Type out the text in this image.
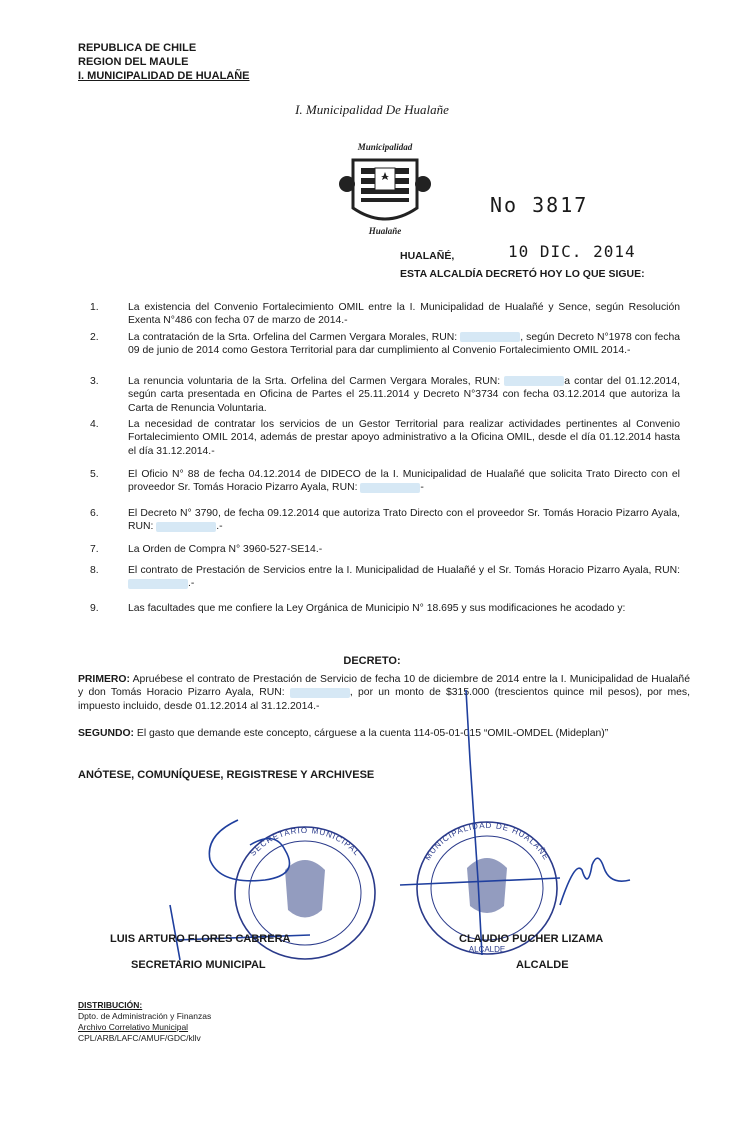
REPUBLICA DE CHILE
REGION DEL MAULE
I. MUNICIPALIDAD DE HUALAÑE
I. Municipalidad De Hualañe
Municipalidad
Hualañe
No 3817
HUALAÑÉ,	10 DIC. 2014
ESTA ALCALDÍA DECRETÓ HOY LO QUE SIGUE:
1.	La existencia del Convenio Fortalecimiento OMIL entre la I. Municipalidad de Hualañé y Sence, según Resolución Exenta N°486 con fecha 07 de marzo de 2014.-
2.	La contratación de la Srta. Orfelina del Carmen Vergara Morales, RUN:	, según Decreto N°1978 con fecha 09 de junio de 2014 como Gestora Territorial para dar cumplimiento al Convenio Fortalecimiento OMIL 2014.-
3.	La renuncia voluntaria de la Srta. Orfelina del Carmen Vergara Morales, RUN:	a contar del 01.12.2014, según carta presentada en Oficina de Partes el 25.11.2014 y Decreto N°3734 con fecha 03.12.2014 que autoriza la Carta de Renuncia Voluntaria.
4.	La necesidad de contratar los servicios de un Gestor Territorial para realizar actividades pertinentes al Convenio Fortalecimiento OMIL 2014, además de prestar apoyo administrativo a la Oficina OMIL, desde el día 01.12.2014 hasta el día 31.12.2014.-
5.	El Oficio N° 88 de fecha 04.12.2014 de DIDECO de la I. Municipalidad de Hualañé que solicita Trato Directo con el proveedor Sr. Tomás Horacio Pizarro Ayala, RUN:	-
6.	El Decreto N° 3790, de fecha 09.12.2014 que autoriza Trato Directo con el proveedor Sr. Tomás Horacio Pizarro Ayala, RUN:	.-
7.	La Orden de Compra N° 3960-527-SE14.-
8.	El contrato de Prestación de Servicios entre la I. Municipalidad de Hualañé y el Sr. Tomás Horacio Pizarro Ayala, RUN: .-
9.	Las facultades que me confiere la Ley Orgánica de Municipio N° 18.695 y sus modificaciones he acodado y:
DECRETO:
PRIMERO: Apruébese el contrato de Prestación de Servicio de fecha 10 de diciembre de 2014 entre la I. Municipalidad de Hualañé y don Tomás Horacio Pizarro Ayala, RUN:	, por un monto de $315.000 (trescientos quince mil pesos), por mes, impuesto incluido, desde 01.12.2014 al 31.12.2014.-
SEGUNDO: El gasto que demande este concepto, cárguese a la cuenta 114-05-01-015 “OMIL-OMDEL (Mideplan)”
ANÓTESE, COMUNÍQUESE, REGISTRESE Y ARCHIVESE
SECRETARIO MUNICIPAL	MUNICIPALIDAD DE HUALAÑE
ALCALDE
LUIS ARTURO FLORES CABRERA
SECRETARIO MUNICIPAL
CLAUDIO PUCHER LIZAMA
ALCALDE
DISTRIBUCIÓN:
Dpto. de Administración y Finanzas
Archivo Correlativo Municipal
CPL/ARB/LAFC/AMUF/GDC/kllv
